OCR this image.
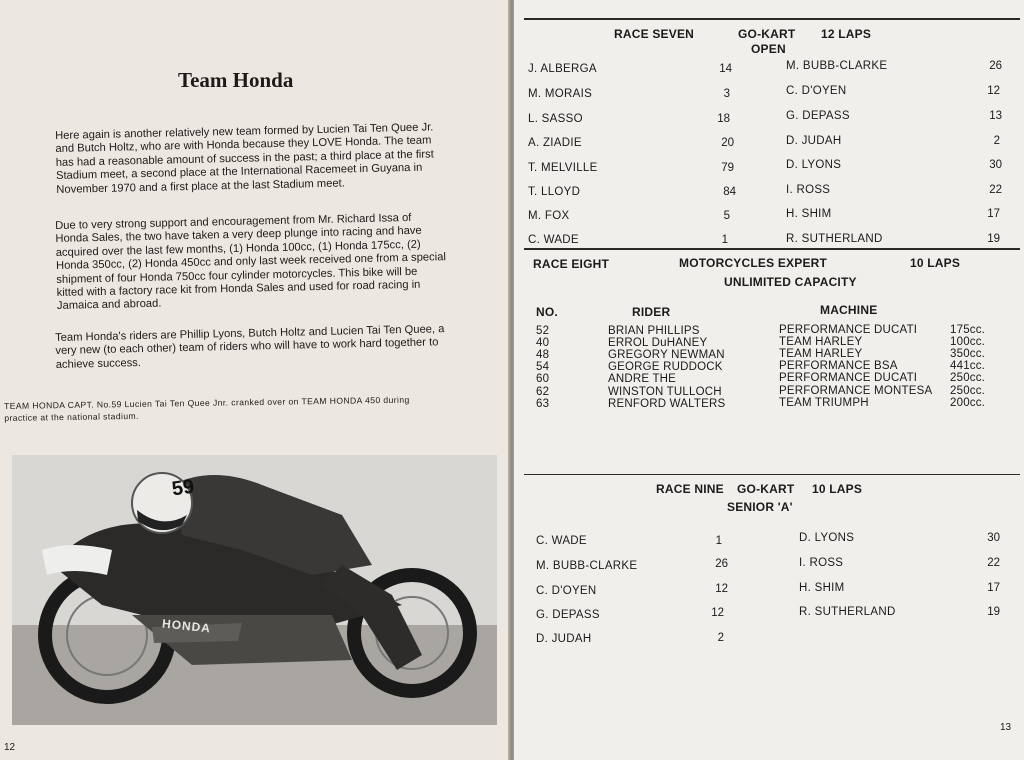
Team Honda

Here again is another relatively new team formed by Lucien Tai Ten Quee Jr. and Butch Holtz, who are with Honda because they LOVE Honda. The team has had a reasonable amount of success in the past; a third place at the first Stadium meet, a second place at the International Racemeet in Guyana in November 1970 and a first place at the last Stadium meet.

Due to very strong support and encouragement from Mr. Richard Issa of Honda Sales, the two have taken a very deep plunge into racing and have acquired over the last few months, (1) Honda 100cc, (1) Honda 175cc, (2) Honda 350cc, (2) Honda 450cc and only last week received one from a special shipment of four Honda 750cc four cylinder motorcycles. This bike will be kitted with a factory race kit from Honda Sales and used for road racing in Jamaica and abroad.

Team Honda's riders are Phillip Lyons, Butch Holtz and Lucien Tai Ten Quee, a very new (to each other) team of riders who will have to work hard together to achieve success.

TEAM HONDA CAPT. No.59 Lucien Tai Ten Quee Jnr. cranked over on TEAM HONDA 450 during practice at the national stadium.

59
HONDA
12
RACE SEVEN	GO-KART 12 LAPS
OPEN
J. ALBERGA	14
M. MORAIS	3
L. SASSO	18
A. ZIADIE	20
T. MELVILLE	79
T. LLOYD	84
M. FOX	5
C. WADE	1
M. BUBB-CLARKE	26
C. D'OYEN	12
G. DEPASS	13
D. JUDAH	2
D. LYONS	30
I. ROSS	22
H. SHIM	17
R. SUTHERLAND	19
RACE EIGHT	MOTORCYCLES EXPERT	10 LAPS
UNLIMITED CAPACITY
NO.	RIDER	MACHINE
52	BRIAN PHILLIPS	PERFORMANCE DUCATI	175cc.
40	ERROL DuHANEY	TEAM HARLEY	100cc.
48	GREGORY NEWMAN	TEAM HARLEY	350cc.
54	GEORGE RUDDOCK	PERFORMANCE BSA	441cc.
60	ANDRE THE	PERFORMANCE DUCATI	250cc.
62	WINSTON TULLOCH	PERFORMANCE MONTESA 250cc.
63	RENFORD WALTERS	TEAM TRIUMPH	200cc.
RACE NINE GO-KART 10 LAPS
SENIOR 'A'
C. WADE	1
M. BUBB-CLARKE	26
C. D'OYEN	12
G. DEPASS	12
D. JUDAH	2
D. LYONS	30
I. ROSS	22
H. SHIM	17
R. SUTHERLAND	19
13
